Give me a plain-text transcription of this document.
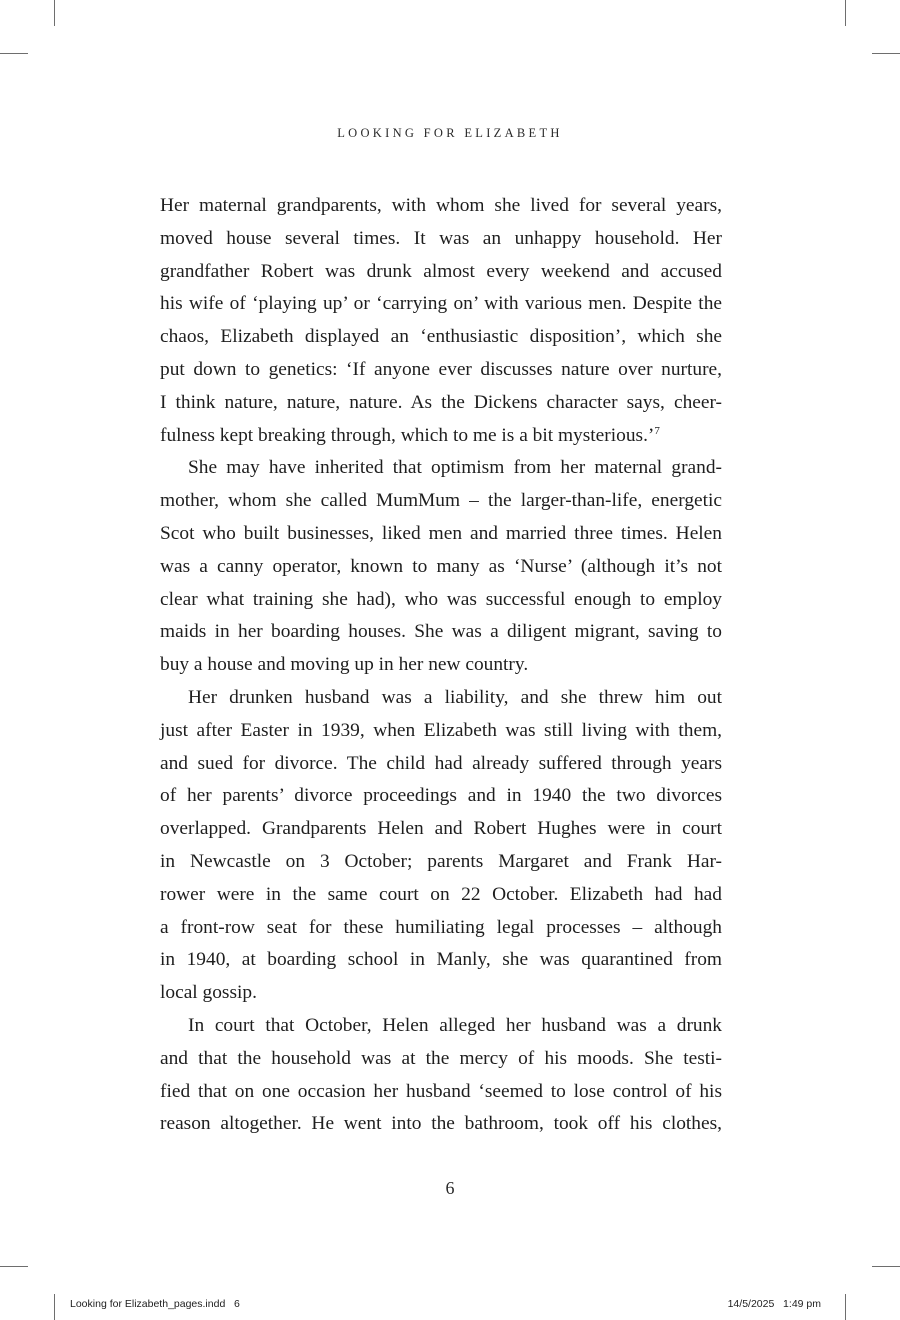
LOOKING FOR ELIZABETH
Her maternal grandparents, with whom she lived for several years,
moved house several times. It was an unhappy household. Her
grandfather Robert was drunk almost every weekend and accused
his wife of ‘playing up’ or ‘carrying on’ with various men. Despite the
chaos, Elizabeth displayed an ‘enthusiastic disposition’, which she
put down to genetics: ‘If anyone ever discusses nature over nurture,
I think nature, nature, nature. As the Dickens character says, cheer-
fulness kept breaking through, which to me is a bit mysterious.’$^7$
She may have inherited that optimism from her maternal grand-
mother, whom she called MumMum – the larger-than-life, energetic
Scot who built businesses, liked men and married three times. Helen
was a canny operator, known to many as ‘Nurse’ (although it’s not
clear what training she had), who was successful enough to employ
maids in her boarding houses. She was a diligent migrant, saving to
buy a house and moving up in her new country.
Her drunken husband was a liability, and she threw him out
just after Easter in 1939, when Elizabeth was still living with them,
and sued for divorce. The child had already suffered through years
of her parents’ divorce proceedings and in 1940 the two divorces
overlapped. Grandparents Helen and Robert Hughes were in court
in Newcastle on 3 October; parents Margaret and Frank Har-
rower were in the same court on 22 October. Elizabeth had had
a front-row seat for these humiliating legal processes – although
in 1940, at boarding school in Manly, she was quarantined from
local gossip.
In court that October, Helen alleged her husband was a drunk
and that the household was at the mercy of his moods. She testi-
fied that on one occasion her husband ‘seemed to lose control of his
reason altogether. He went into the bathroom, took off his clothes,
6
Looking for Elizabeth_pages.indd   6	14/5/2025   1:49 pm
